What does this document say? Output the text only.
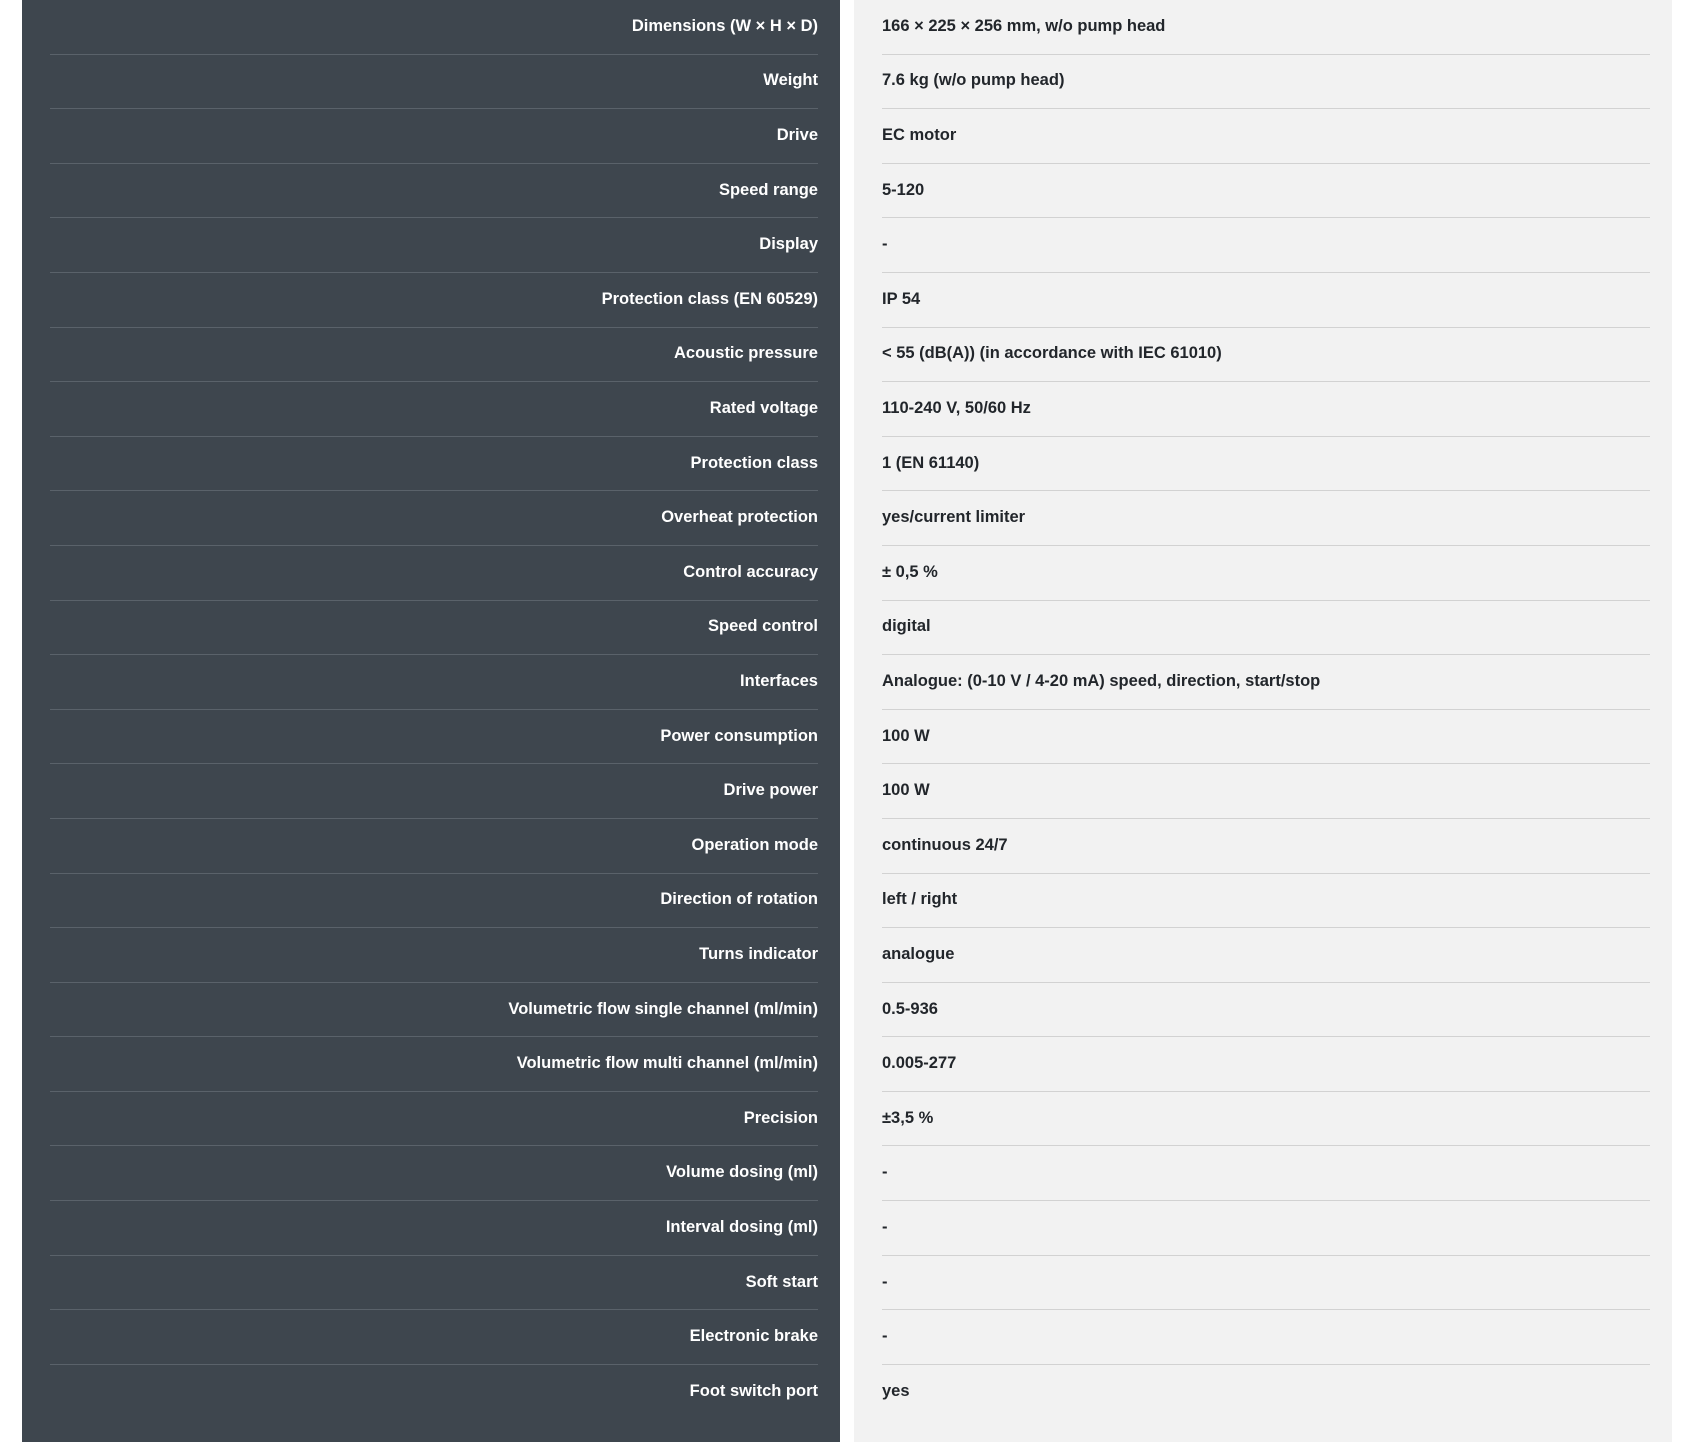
Dimensions (W × H × D)
Weight
Drive
Speed range
Display
Protection class (EN 60529)
Acoustic pressure
Rated voltage
Protection class
Overheat protection
Control accuracy
Speed control
Interfaces
Power consumption
Drive power
Operation mode
Direction of rotation
Turns indicator
Volumetric flow single channel (ml/min)
Volumetric flow multi channel (ml/min)
Precision
Volume dosing (ml)
Interval dosing (ml)
Soft start
Electronic brake
Foot switch port
166 × 225 × 256 mm, w/o pump head
7.6 kg (w/o pump head)
EC motor
5-120
-
IP 54
< 55 (dB(A)) (in accordance with IEC 61010)
110-240 V, 50/60 Hz
1 (EN 61140)
yes/current limiter
± 0,5 %
digital
Analogue: (0-10 V / 4-20 mA) speed, direction, start/stop
100 W
100 W
continuous 24/7
left / right
analogue
0.5-936
0.005-277
±3,5 %
-
-
-
-
yes
